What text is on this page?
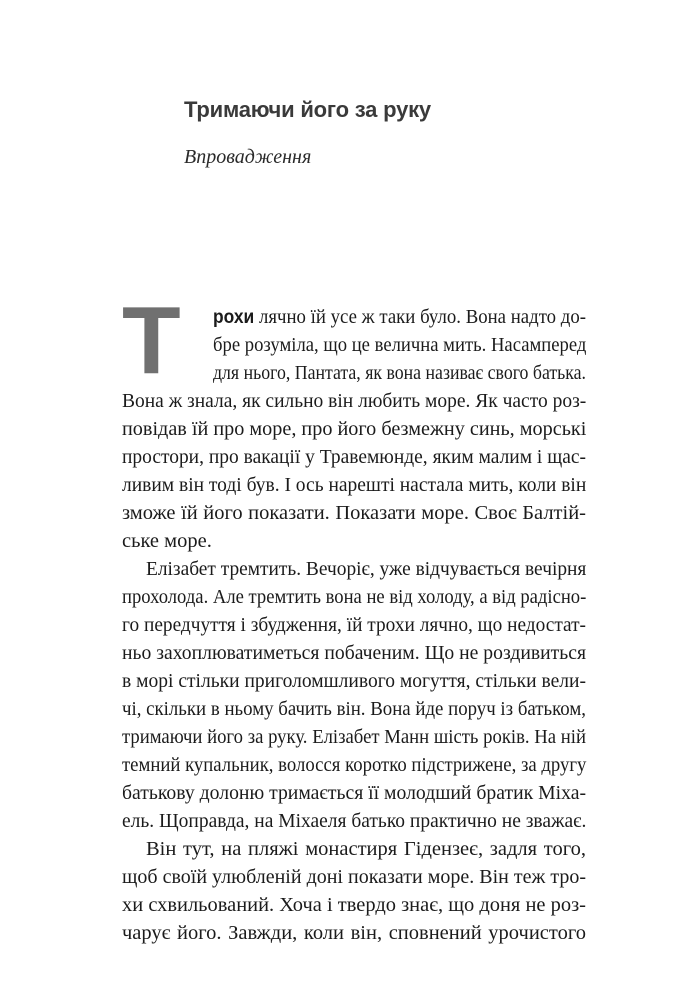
Тримаючи його за руку
Впровадження
Т рохи лячно їй усе ж таки було. Вона надто до-
бре розуміла, що це велична мить. Насамперед
для нього, Пантата, як вона називає свого батька.
Вона ж знала, як сильно він любить море. Як часто роз-
повідав їй про море, про його безмежну синь, морські
простори, про вакації у Травемюнде, яким малим і щас-
ливим він тоді був. І ось нарешті настала мить, коли він
зможе їй його показати. Показати море. Своє Балтій-
ське море.
Елізабет тремтить. Вечоріє, уже відчувається вечірня
прохолода. Але тремтить вона не від холоду, а від радісно-
го передчуття і збудження, їй трохи лячно, що недостат-
ньо захоплюватиметься побаченим. Що не роздивиться
в морі стільки приголомшливого могуття, стільки вели-
чі, скільки в ньому бачить він. Вона йде поруч із батьком,
тримаючи його за руку. Елізабет Манн шість років. На ній
темний купальник, волосся коротко підстрижене, за другу
батькову долоню тримається її молодший братик Міха-
ель. Щоправда, на Міхаеля батько практично не зважає.
Він тут, на пляжі монастиря Гідензеє, задля того,
щоб своїй улюбленій доні показати море. Він теж тро-
хи схвильований. Хоча і твердо знає, що доня не роз-
чарує його. Завжди, коли він, сповнений урочистого
